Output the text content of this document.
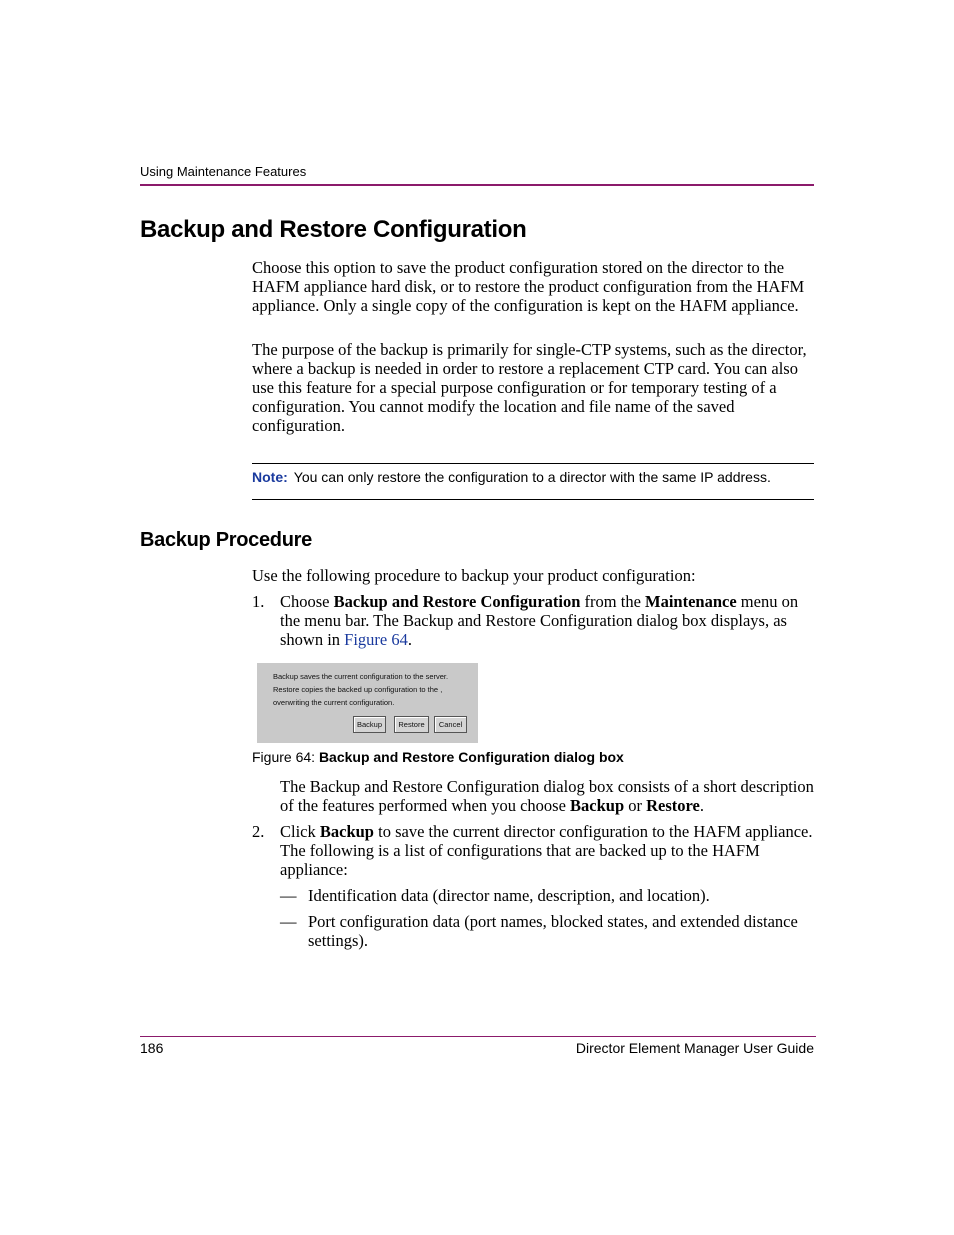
Using Maintenance Features
Backup and Restore Configuration

Choose this option to save the product configuration stored on the director to the HAFM appliance hard disk, or to restore the product configuration from the HAFM appliance. Only a single copy of the configuration is kept on the HAFM appliance.

The purpose of the backup is primarily for single-CTP systems, such as the director, where a backup is needed in order to restore a replacement CTP card. You can also use this feature for a special purpose configuration or for temporary testing of a configuration. You cannot modify the location and file name of the saved configuration.

Note: You can only restore the configuration to a director with the same IP address.
Backup Procedure

Use the following procedure to backup your product configuration:

1. Choose Backup and Restore Configuration from the Maintenance menu on the menu bar. The Backup and Restore Configuration dialog box displays, as shown in Figure 64.

Backup saves the current configuration to the server.
Restore copies the backed up configuration to the ,
overwriting the current configuration.
Backup	Restore	Cancel
Figure 64: Backup and Restore Configuration dialog box

The Backup and Restore Configuration dialog box consists of a short description of the features performed when you choose Backup or Restore.

2. Click Backup to save the current director configuration to the HAFM appliance. The following is a list of configurations that are backed up to the HAFM appliance:

— Identification data (director name, description, and location).

— Port configuration data (port names, blocked states, and extended distance settings).

186	Director Element Manager User Guide
